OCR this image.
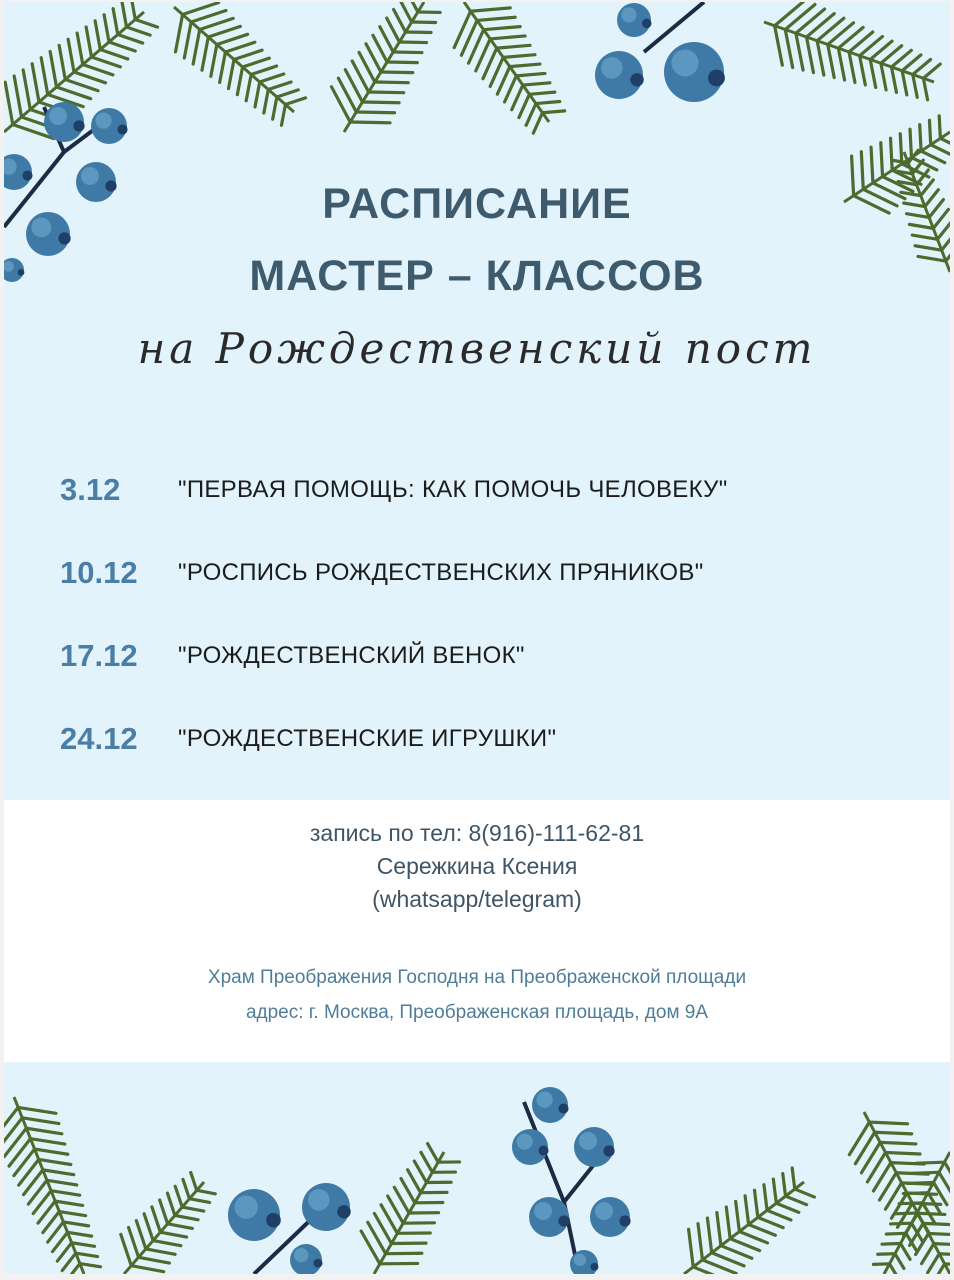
РАСПИСАНИЕ
МАСТЕР – КЛАССОВ
на Рождественский пост
3.12	"ПЕРВАЯ ПОМОЩЬ: КАК ПОМОЧЬ ЧЕЛОВЕКУ"
10.12	"РОСПИСЬ РОЖДЕСТВЕНСКИХ ПРЯНИКОВ"
17.12	"РОЖДЕСТВЕНСКИЙ ВЕНОК"
24.12	"РОЖДЕСТВЕНСКИЕ ИГРУШКИ"
запись по тел: 8(916)-111-62-81
Сережкина Ксения
(whatsapp/telegram)
Храм Преображения Господня на Преображенской площади
адрес: г. Москва, Преображенская площадь, дом 9А
